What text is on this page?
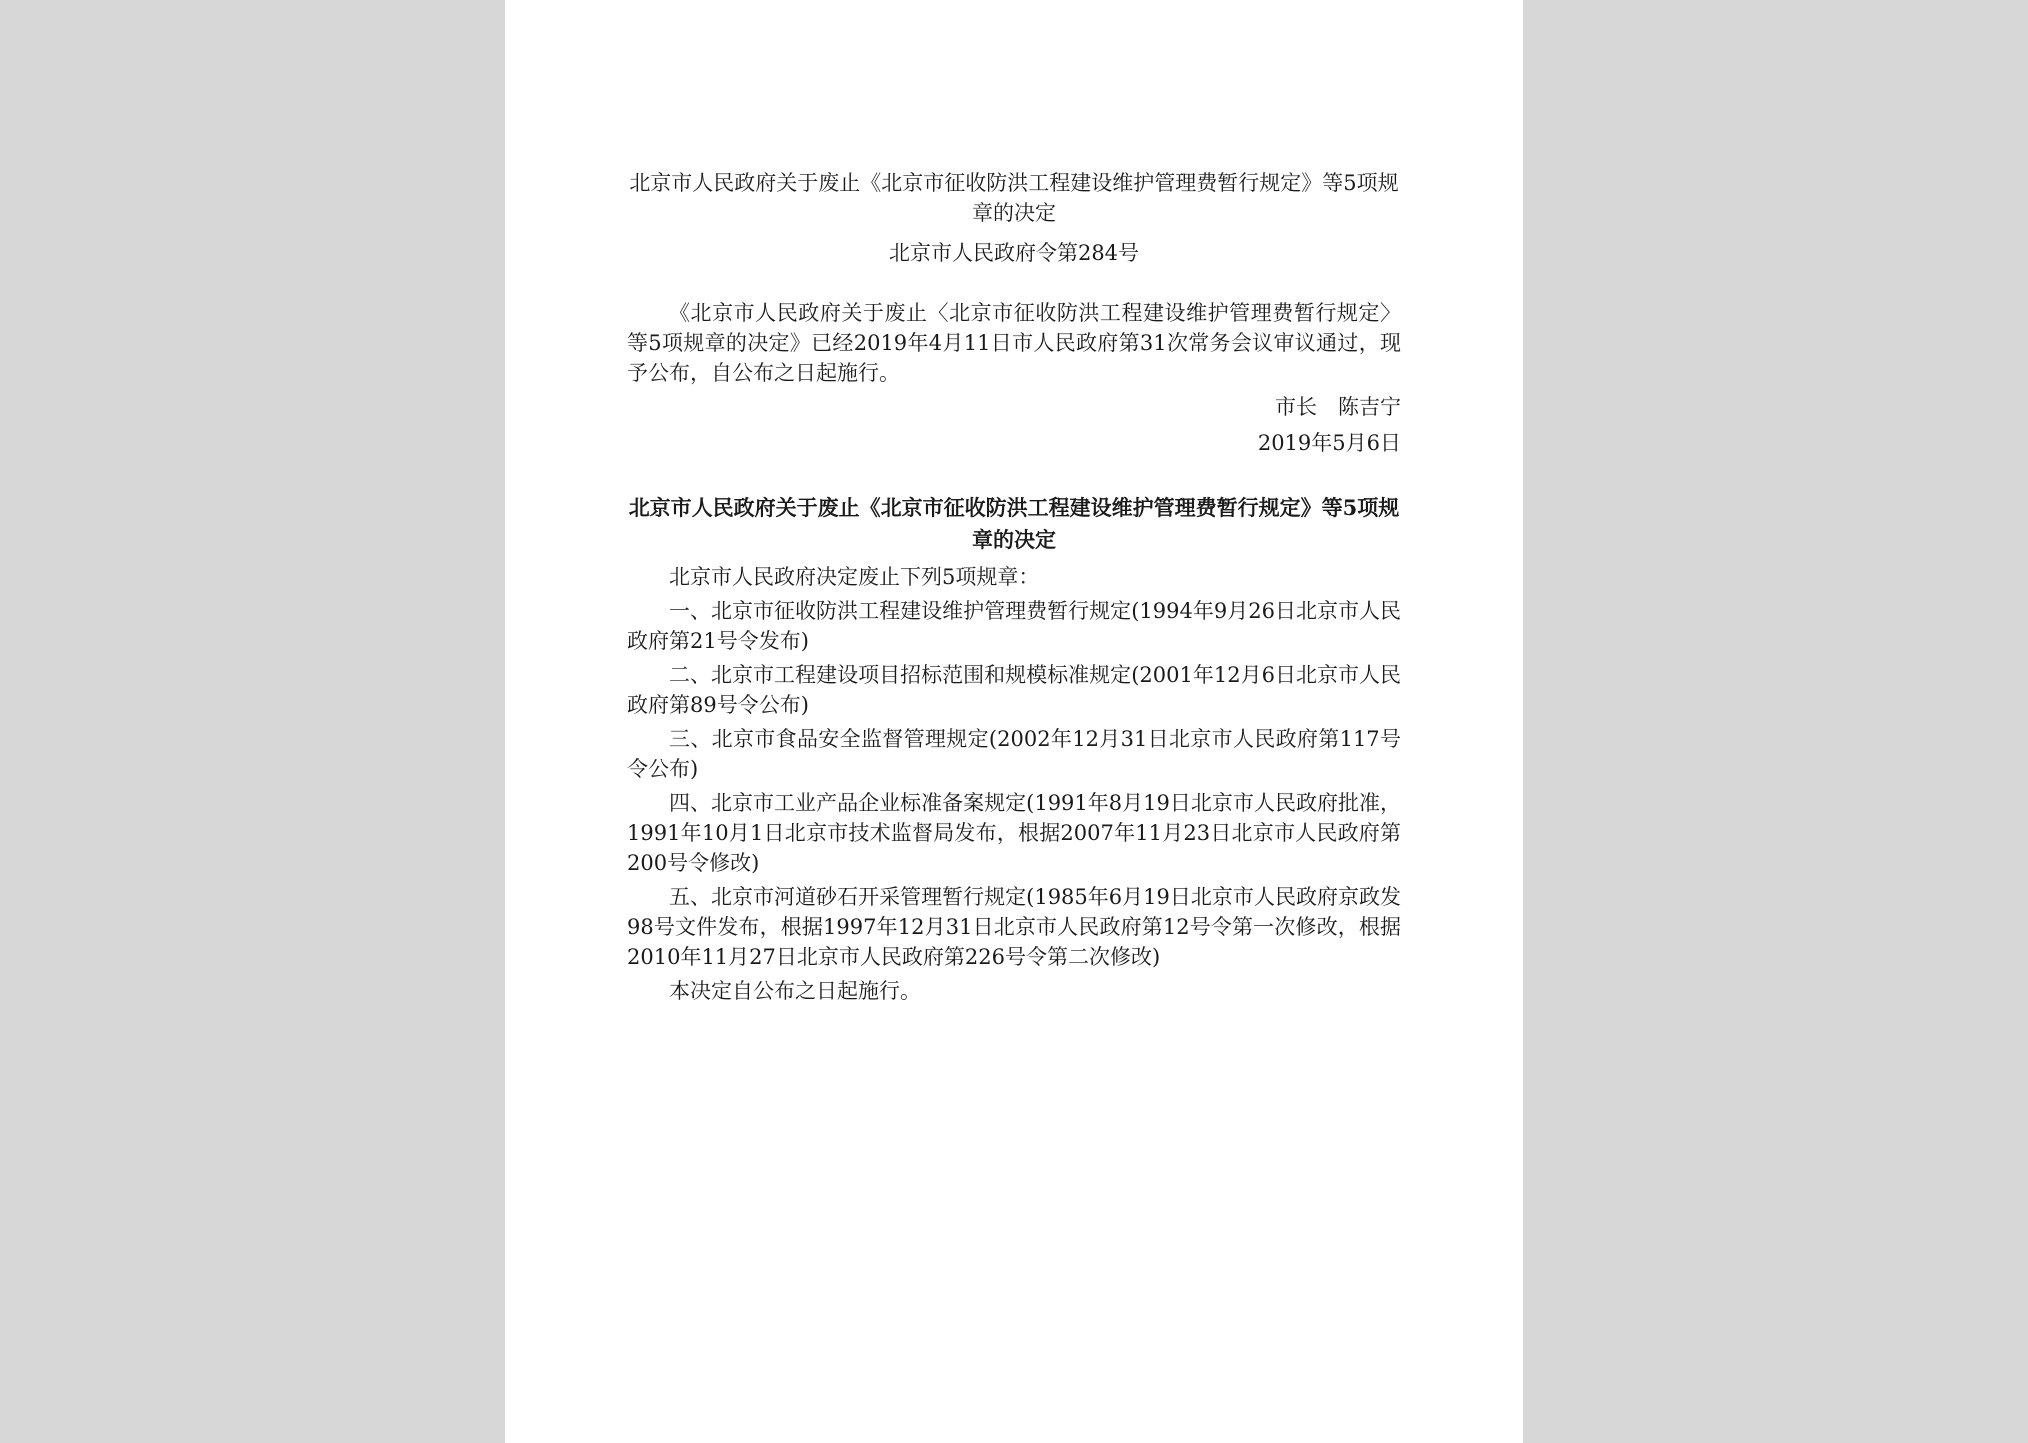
北京市人民政府关于废止《北京市征收防洪工程建设维护管理费暂行规定》等5项规章的决定
北京市人民政府令第284号

《北京市人民政府关于废止〈北京市征收防洪工程建设维护管理费暂行规定〉等5项规章的决定》已经2019年4月11日市人民政府第31次常务会议审议通过，现予公布，自公布之日起施行。

市长　陈吉宁
2019年5月6日
北京市人民政府关于废止《北京市征收防洪工程建设维护管理费暂行规定》等5项规章的决定

北京市人民政府决定废止下列5项规章：

一、北京市征收防洪工程建设维护管理费暂行规定(1994年9月26日北京市人民政府第21号令发布)

二、北京市工程建设项目招标范围和规模标准规定(2001年12月6日北京市人民政府第89号令公布)

三、北京市食品安全监督管理规定(2002年12月31日北京市人民政府第117号令公布)

四、北京市工业产品企业标准备案规定(1991年8月19日北京市人民政府批准，1991年10月1日北京市技术监督局发布，根据2007年11月23日北京市人民政府第200号令修改)

五、北京市河道砂石开采管理暂行规定(1985年6月19日北京市人民政府京政发98号文件发布，根据1997年12月31日北京市人民政府第12号令第一次修改，根据2010年11月27日北京市人民政府第226号令第二次修改)

本决定自公布之日起施行。
